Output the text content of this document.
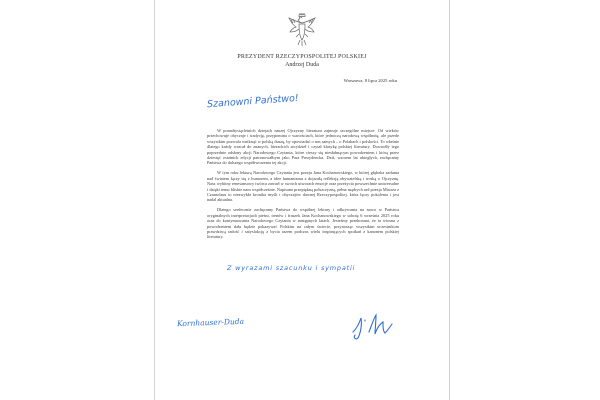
PREZYDENT RZECZYPOSPOLITEJ POLSKIEJ
Andrzej Duda
Warszawa, 8 lipca 2025 roku
Szanowni Państwo!

W ponadtysiącletnich dziejach naszej Ojczyzny literatura zajmuje szczególne miejsce. Od wieków przechowuje obyczaje i tradycję, przypomina o wartościach, które jednoczą narodową wspólnotę, ale przede wszystkim pozwala wniknąć w polską duszę, by opowiadać o nas samych – o Polakach i polskości. To właśnie dlatego każdy wracał do znanych, literackich arcydzieł i czytał klasykę polskiej literatury. Dowiodły tego poprzednie odsłony akcji Narodowego Czytania, które cieszy się niesłabnącym powodzeniem i którą przez dziesięć ostatnich edycji patronowałbym jako Para Prezydencka. Dziś, wzorem lat ubiegłych, zachęcamy Państwa do dalszego współtworzenia tej akcji.

W tym roku lekturą Narodowego Czytania jest poezja Jana Kochanowskiego, w której głęboka zaduma nad światem łączy się z humorem, a idee humanizmu z dojrzałą refleksją obywatelską i troską o Ojczyznę. Nasz wybitny renesansowy twórca zawarł w swoich utworach emocje oraz przeżycia powszechnie uniwersalne i dzięki temu bliskie nam współcześnie. Napisana przepiękną polszczyzną, pełna mądrych rad poezja Mistrza z Czarnolasu to niezwykła kronika myśli i obyczajów dawnej Rzeczypospolitej, która łączy pokolenia i jest nadal aktualna.

Dlatego serdecznie zachęcamy Państwa do wspólnej lektury i odkrywania na nowo w Państwa oryginalnych interpretacjach pieśni, trenów i fraszek Jana Kochanowskiego w sobotę 6 września 2025 roku oraz do kontynuowania Narodowego Czytania w następnych latach. Jesteśmy przekonani, że ta wiosna z powodzeniem dała będzie pokazywać Polskim na całym świecie, przynosząc wszystkim uczestnikom prawdziwą radość i satysfakcję z bycia razem podczas wielu inspirujących spotkań z kanonem polskiej literatury.

Z wyrazami szacunku i sympatii
Kornhauser-Duda
